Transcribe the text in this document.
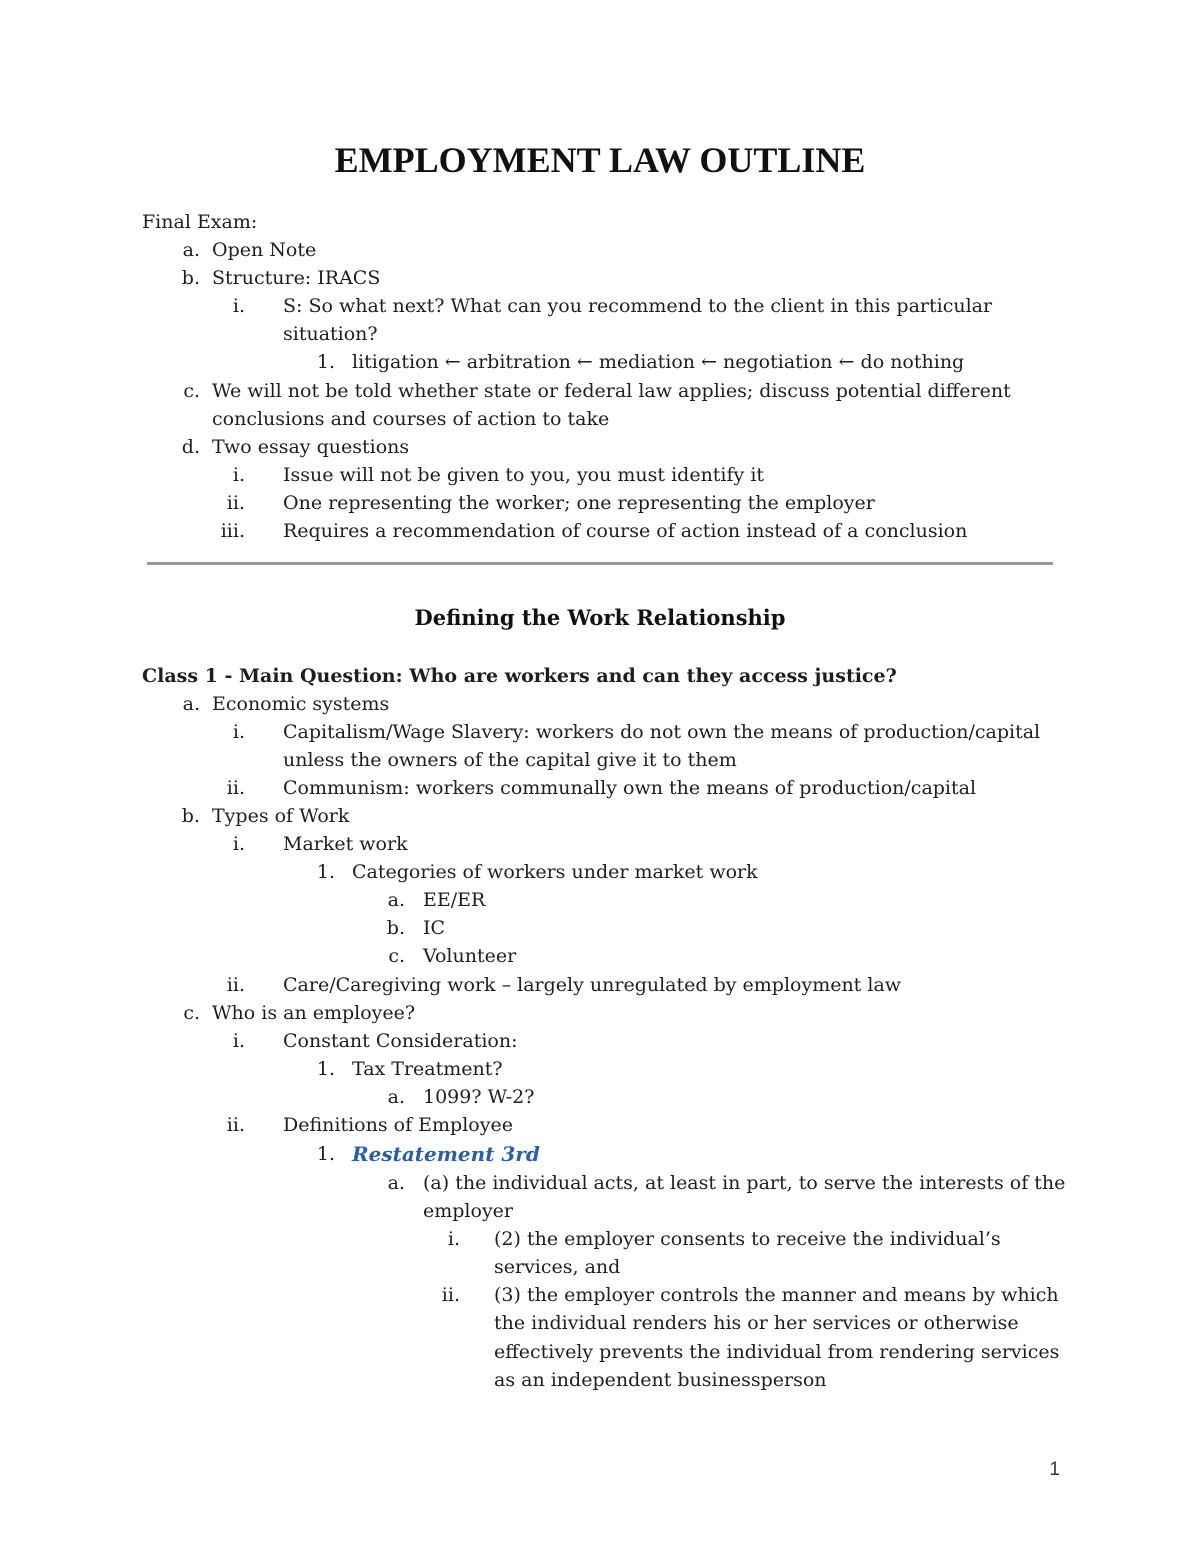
EMPLOYMENT LAW OUTLINE
Final Exam:
a. Open Note
b. Structure: IRACS
i. S: So what next? What can you recommend to the client in this particular
situation?
1. litigation ← arbitration ← mediation ← negotiation ← do nothing
c. We will not be told whether state or federal law applies; discuss potential different
conclusions and courses of action to take
d. Two essay questions
i. Issue will not be given to you, you must identify it
ii. One representing the worker; one representing the employer
iii. Requires a recommendation of course of action instead of a conclusion
Defining the Work Relationship
Class 1 - Main Question: Who are workers and can they access justice?
a. Economic systems
i. Capitalism/Wage Slavery: workers do not own the means of production/capital
unless the owners of the capital give it to them
ii. Communism: workers communally own the means of production/capital
b. Types of Work
i. Market work
1. Categories of workers under market work
a. EE/ER
b. IC
c. Volunteer
ii. Care/Caregiving work – largely unregulated by employment law
c. Who is an employee?
i. Constant Consideration:
1. Tax Treatment?
a. 1099? W-2?
ii. Definitions of Employee
1. Restatement 3rd
a. (a) the individual acts, at least in part, to serve the interests of the
employer
i. (2) the employer consents to receive the individual’s
services, and
ii. (3) the employer controls the manner and means by which
the individual renders his or her services or otherwise
effectively prevents the individual from rendering services
as an independent businessperson
1
